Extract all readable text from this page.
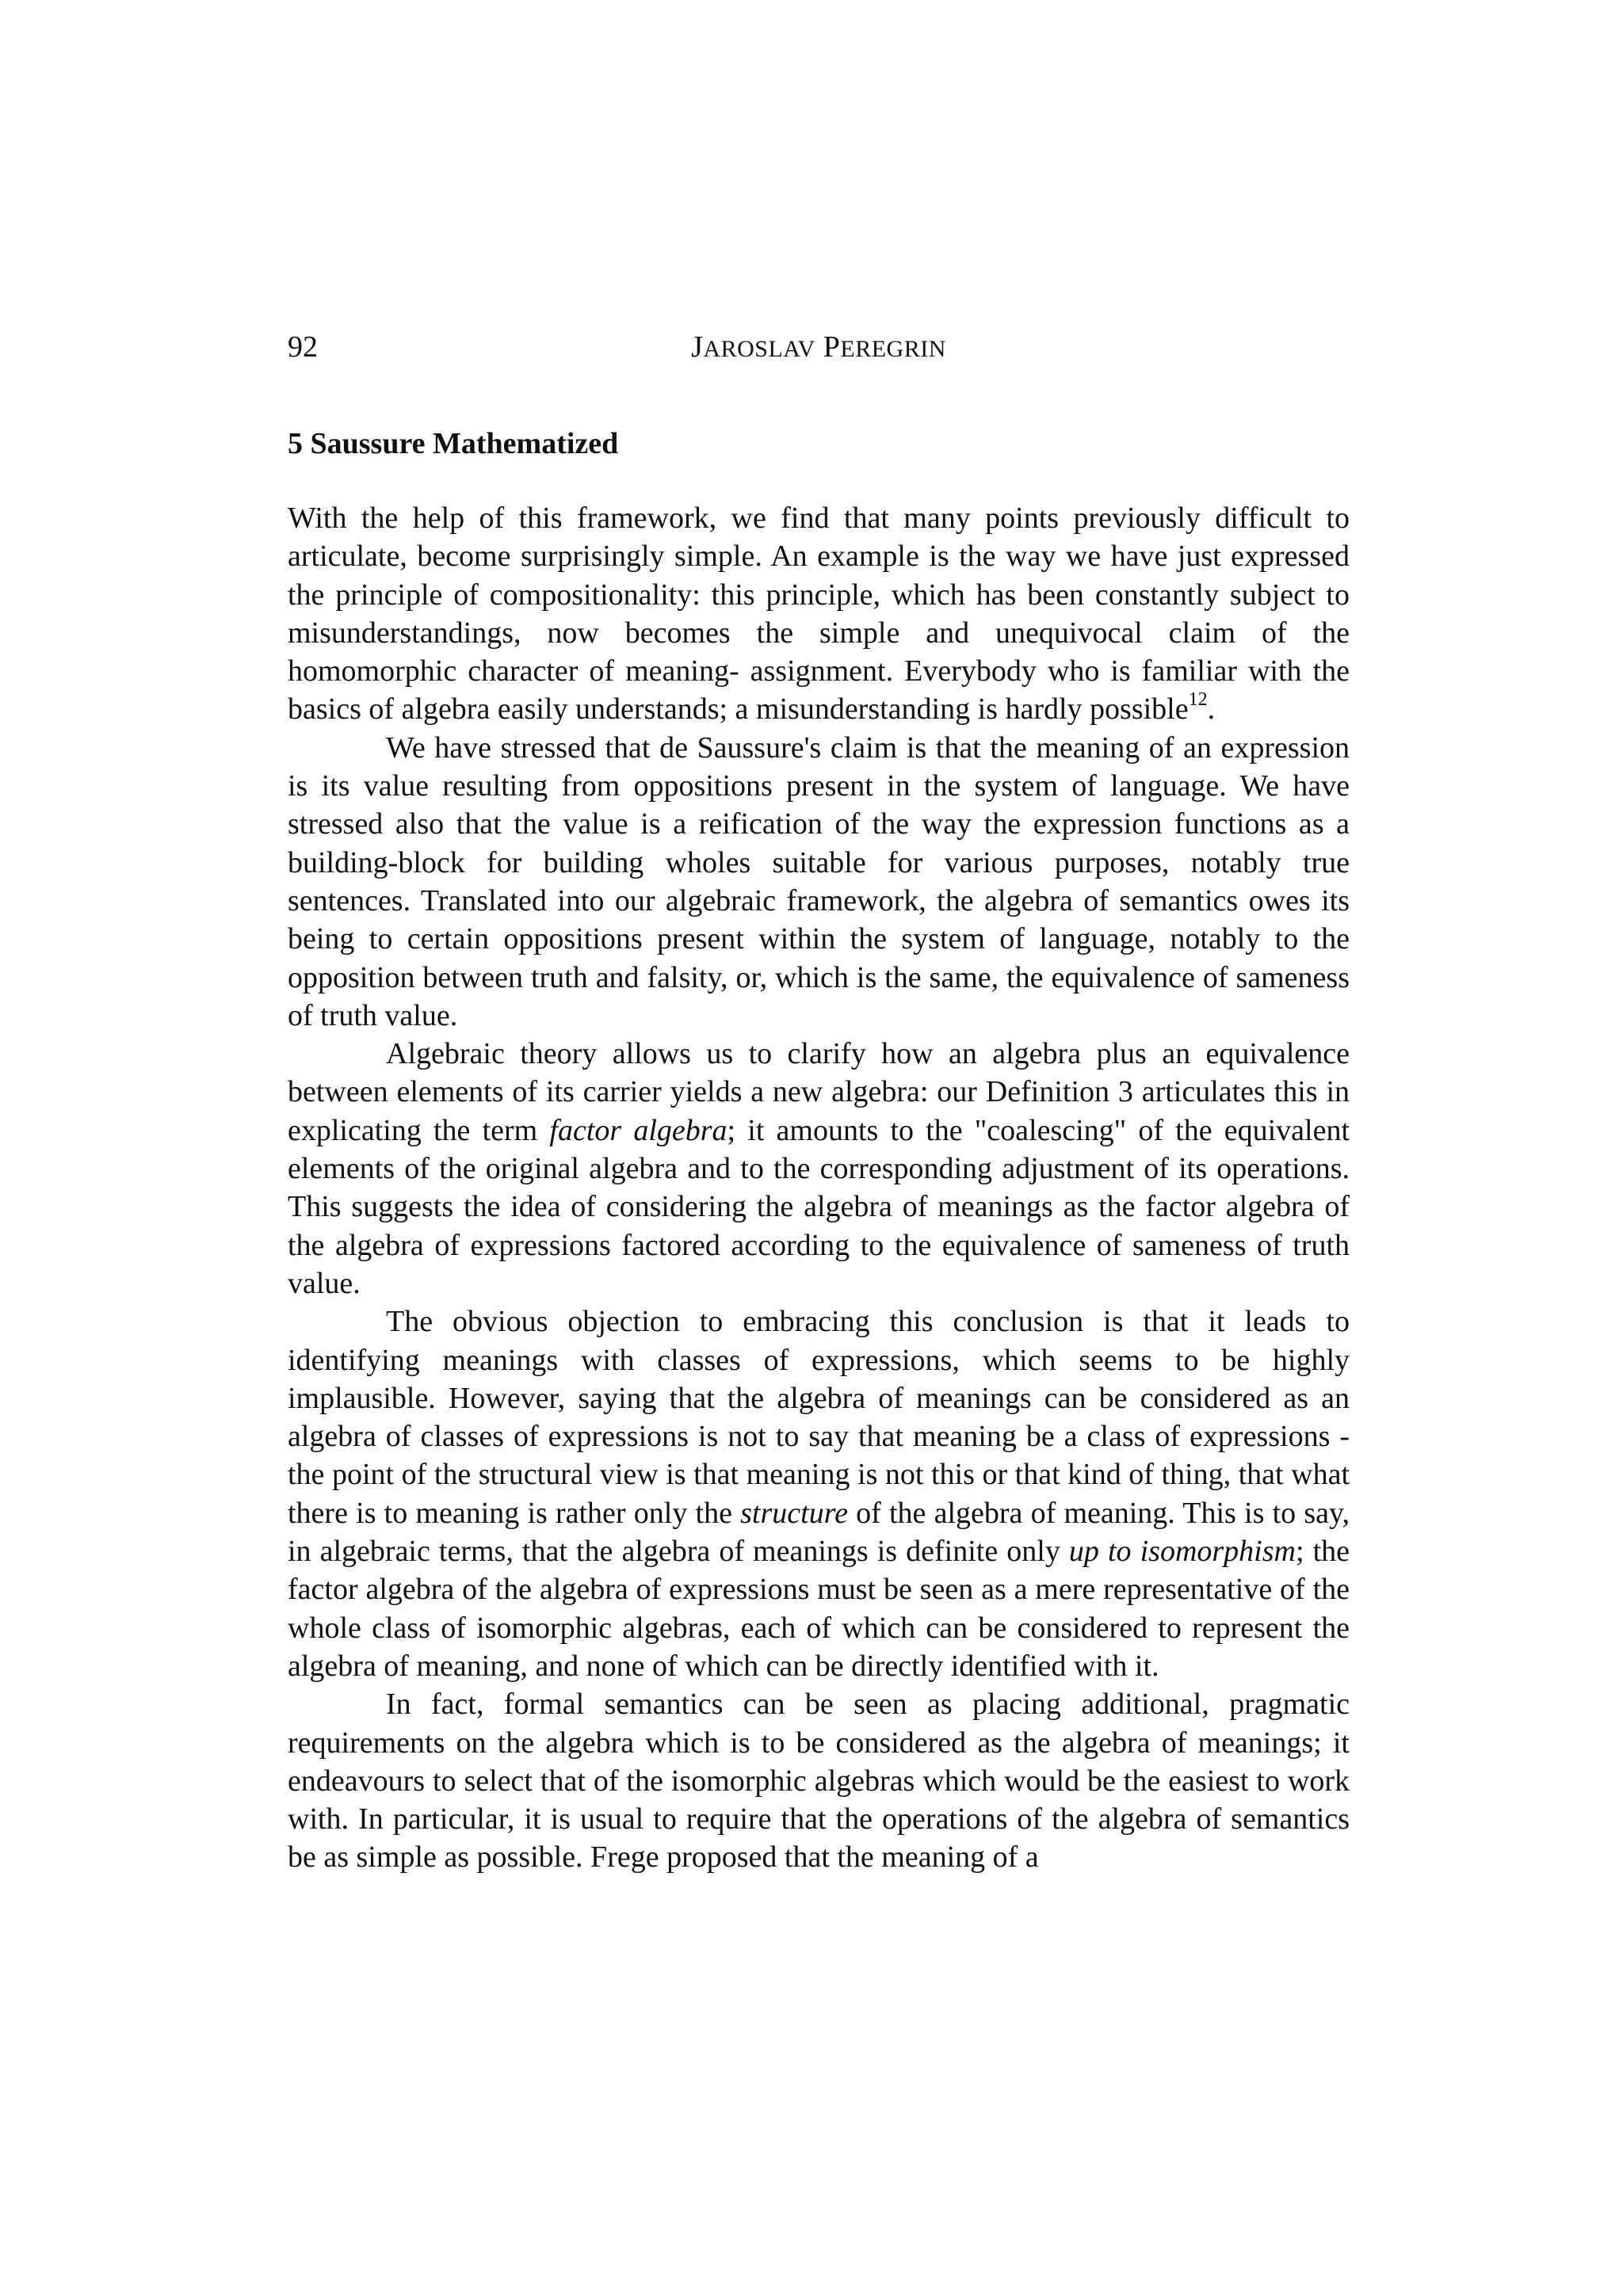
92	JAROSLAV PEREGRIN
5 Saussure Mathematized

With the help of this framework, we find that many points previously difficult to articulate, become surprisingly simple. An example is the way we have just expressed the principle of compositionality: this principle, which has been constantly subject to misunderstandings, now becomes the simple and unequivocal claim of the homomorphic character of meaning- assignment. Everybody who is familiar with the basics of algebra easily understands; a misunderstanding is hardly possible$^{12}$.

We have stressed that de Saussure's claim is that the meaning of an expression is its value resulting from oppositions present in the system of language. We have stressed also that the value is a reification of the way the expression functions as a building-block for building wholes suitable for various purposes, notably true sentences. Translated into our algebraic framework, the algebra of semantics owes its being to certain oppositions present within the system of language, notably to the opposition between truth and falsity, or, which is the same, the equivalence of sameness of truth value.

Algebraic theory allows us to clarify how an algebra plus an equivalence between elements of its carrier yields a new algebra: our Definition 3 articulates this in explicating the term factor algebra; it amounts to the "coalescing" of the equivalent elements of the original algebra and to the corresponding adjustment of its operations. This suggests the idea of considering the algebra of meanings as the factor algebra of the algebra of expressions factored according to the equivalence of sameness of truth value.

The obvious objection to embracing this conclusion is that it leads to identifying meanings with classes of expressions, which seems to be highly implausible. However, saying that the algebra of meanings can be considered as an algebra of classes of expressions is not to say that meaning be a class of expressions - the point of the structural view is that meaning is not this or that kind of thing, that what there is to meaning is rather only the structure of the algebra of meaning. This is to say, in algebraic terms, that the algebra of meanings is definite only up to isomorphism; the factor algebra of the algebra of expressions must be seen as a mere representative of the whole class of isomorphic algebras, each of which can be considered to represent the algebra of meaning, and none of which can be directly identified with it.

In fact, formal semantics can be seen as placing additional, pragmatic requirements on the algebra which is to be considered as the algebra of meanings; it endeavours to select that of the isomorphic algebras which would be the easiest to work with. In particular, it is usual to require that the operations of the algebra of semantics be as simple as possible. Frege proposed that the meaning of a
